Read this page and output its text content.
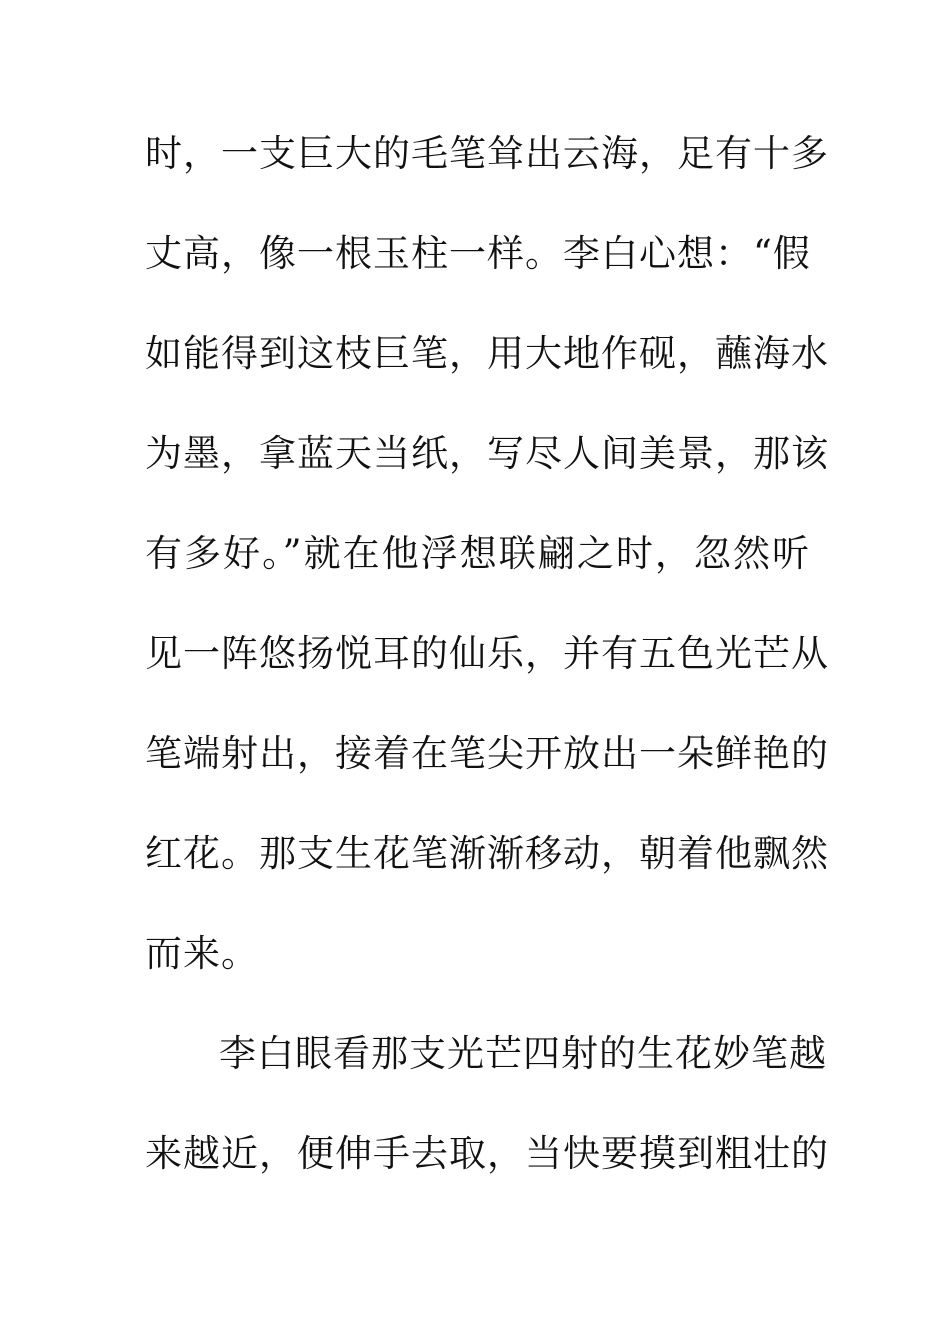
时，一支巨大的毛笔耸出云海，足有十多
丈高，像一根玉柱一样。李白心想：“假
如能得到这枝巨笔，用大地作砚，蘸海水
为墨，拿蓝天当纸，写尽人间美景，那该
有多好。”就在他浮想联翩之时，忽然听
见一阵悠扬悦耳的仙乐，并有五色光芒从
笔端射出，接着在笔尖开放出一朵鲜艳的
红花。那支生花笔渐渐移动，朝着他飘然
而来。
李白眼看那支光芒四射的生花妙笔越
来越近，便伸手去取，当快要摸到粗壮的
